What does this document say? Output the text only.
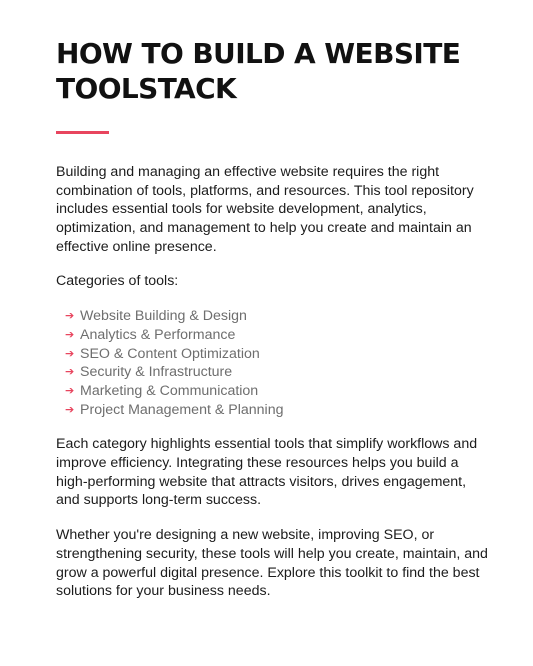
HOW TO BUILD A WEBSITE TOOLSTACK

Building and managing an effective website requires the right combination of tools, platforms, and resources. This tool repository includes essential tools for website development, analytics, optimization, and management to help you create and maintain an effective online presence.

Categories of tools:

➔ Website Building & Design
➔ Analytics & Performance
➔ SEO & Content Optimization
➔ Security & Infrastructure
➔ Marketing & Communication
➔ Project Management & Planning

Each category highlights essential tools that simplify workflows and improve efficiency. Integrating these resources helps you build a high-performing website that attracts visitors, drives engagement, and supports long-term success.

Whether you're designing a new website, improving SEO, or strengthening security, these tools will help you create, maintain, and grow a powerful digital presence. Explore this toolkit to find the best solutions for your business needs.
